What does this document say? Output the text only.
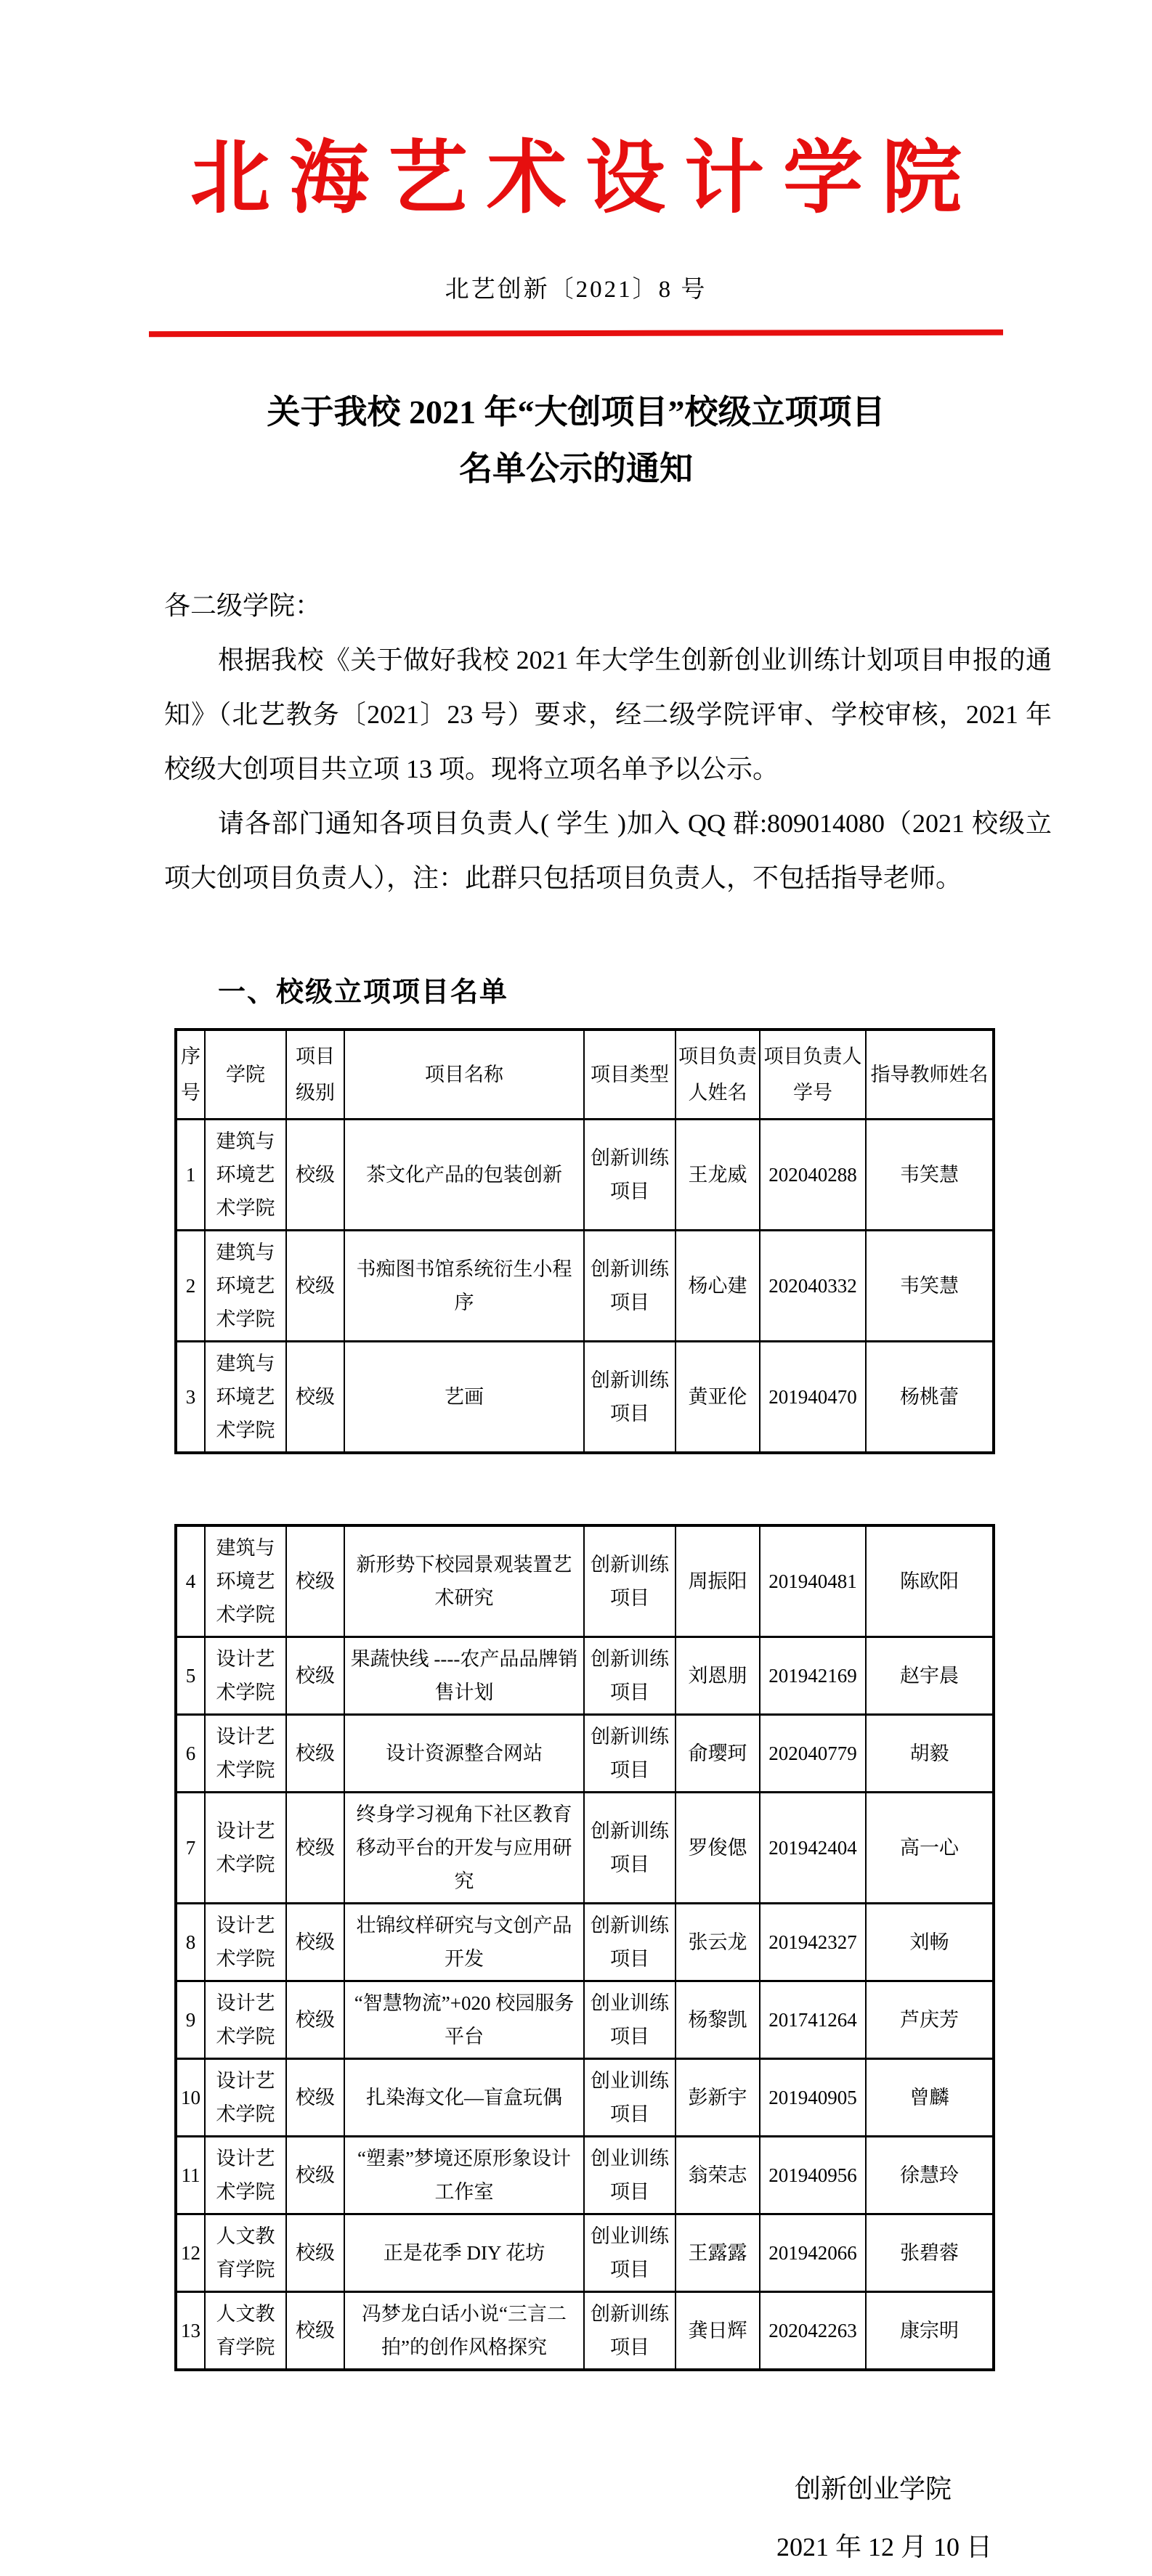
北海艺术设计学院
北艺创新〔2021〕8 号
关于我校 2021 年“大创项目”校级立项项目
名单公示的通知

各二级学院：

根据我校《关于做好我校 2021 年大学生创新创业训练计划项目申报的通知》（北艺教务〔2021〕23 号）要求，经二级学院评审、学校审核，2021 年校级大创项目共立项 13 项。现将立项名单予以公示。

请各部门通知各项目负责人( 学生 )加入 QQ 群:809014080（2021 校级立项大创项目负责人），注：此群只包括项目负责人，不包括指导老师。

一、校级立项项目名单
序号	学院	项目级别	项目名称	项目类型	项目负责人姓名	项目负责人学号	指导教师姓名
1	建筑与环境艺术学院	校级	茶文化产品的包装创新	创新训练项目	王龙威	202040288	韦笑慧
2	建筑与环境艺术学院	校级	书痴图书馆系统衍生小程序	创新训练项目	杨心建	202040332	韦笑慧
3	建筑与环境艺术学院	校级	艺画	创新训练项目	黄亚伦	201940470	杨桃蕾
4	建筑与环境艺术学院	校级	新形势下校园景观装置艺术研究	创新训练项目	周振阳	201940481	陈欧阳
5	设计艺术学院	校级	果蔬快线 ----农产品品牌销售计划	创新训练项目	刘恩朋	201942169	赵宇晨
6	设计艺术学院	校级	设计资源整合网站	创新训练项目	俞璎珂	202040779	胡毅
7	设计艺术学院	校级	终身学习视角下社区教育移动平台的开发与应用研究	创新训练项目	罗俊偲	201942404	高一心
8	设计艺术学院	校级	壮锦纹样研究与文创产品开发	创新训练项目	张云龙	201942327	刘畅
9	设计艺术学院	校级	“智慧物流”+020 校园服务平台	创业训练项目	杨黎凯	201741264	芦庆芳
10	设计艺术学院	校级	扎染海文化—盲盒玩偶	创业训练项目	彭新宇	201940905	曾麟
11	设计艺术学院	校级	“塑素”梦境还原形象设计工作室	创业训练项目	翁荣志	201940956	徐慧玲
12	人文教育学院	校级	正是花季 DIY 花坊	创业训练项目	王露露	201942066	张碧蓉
13	人文教育学院	校级	冯梦龙白话小说“三言二拍”的创作风格探究	创新训练项目	龚日辉	202042263	康宗明
创新创业学院
2021 年 12 月 10 日
